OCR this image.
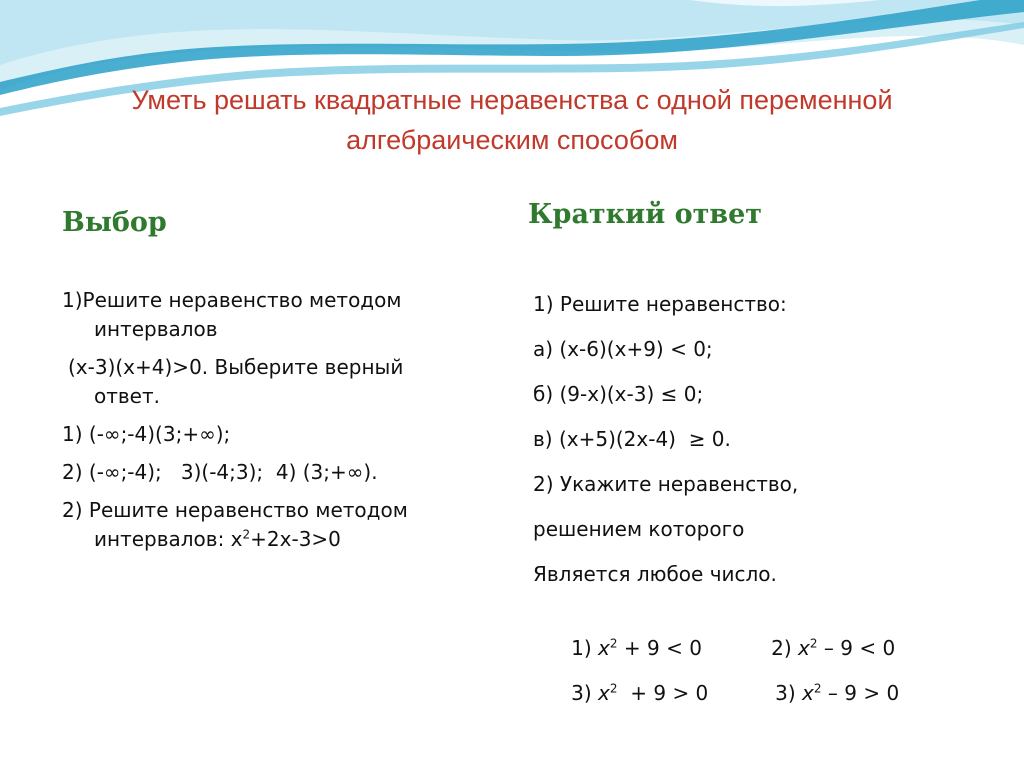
Уметь решать квадратные неравенства с одной переменной
алгебраическим способом
Выбор	Краткий ответ
1)Решите неравенство методом
интервалов
(х-3)(х+4)>0. Выберите верный
ответ.
1) (-∞;-4)(3;+∞);
2) (-∞;-4);   3)(-4;3);  4) (3;+∞).
2) Решите неравенство методом
интервалов: $х^2+2х-3>0$
1) Решите неравенство:
а) (х-6)(х+9) < 0;
б) (9-х)(х-3) ≤ 0;
в) (х+5)(2х-4)  ≥ 0.
2) Укажите неравенство,
решением которого
Является любое число.

1) $x^2 + 9 < 0$	2) $x^2 - 9 < 0$

3) $x^2 + 9 > 0$	3) $x^2 - 9 > 0$
